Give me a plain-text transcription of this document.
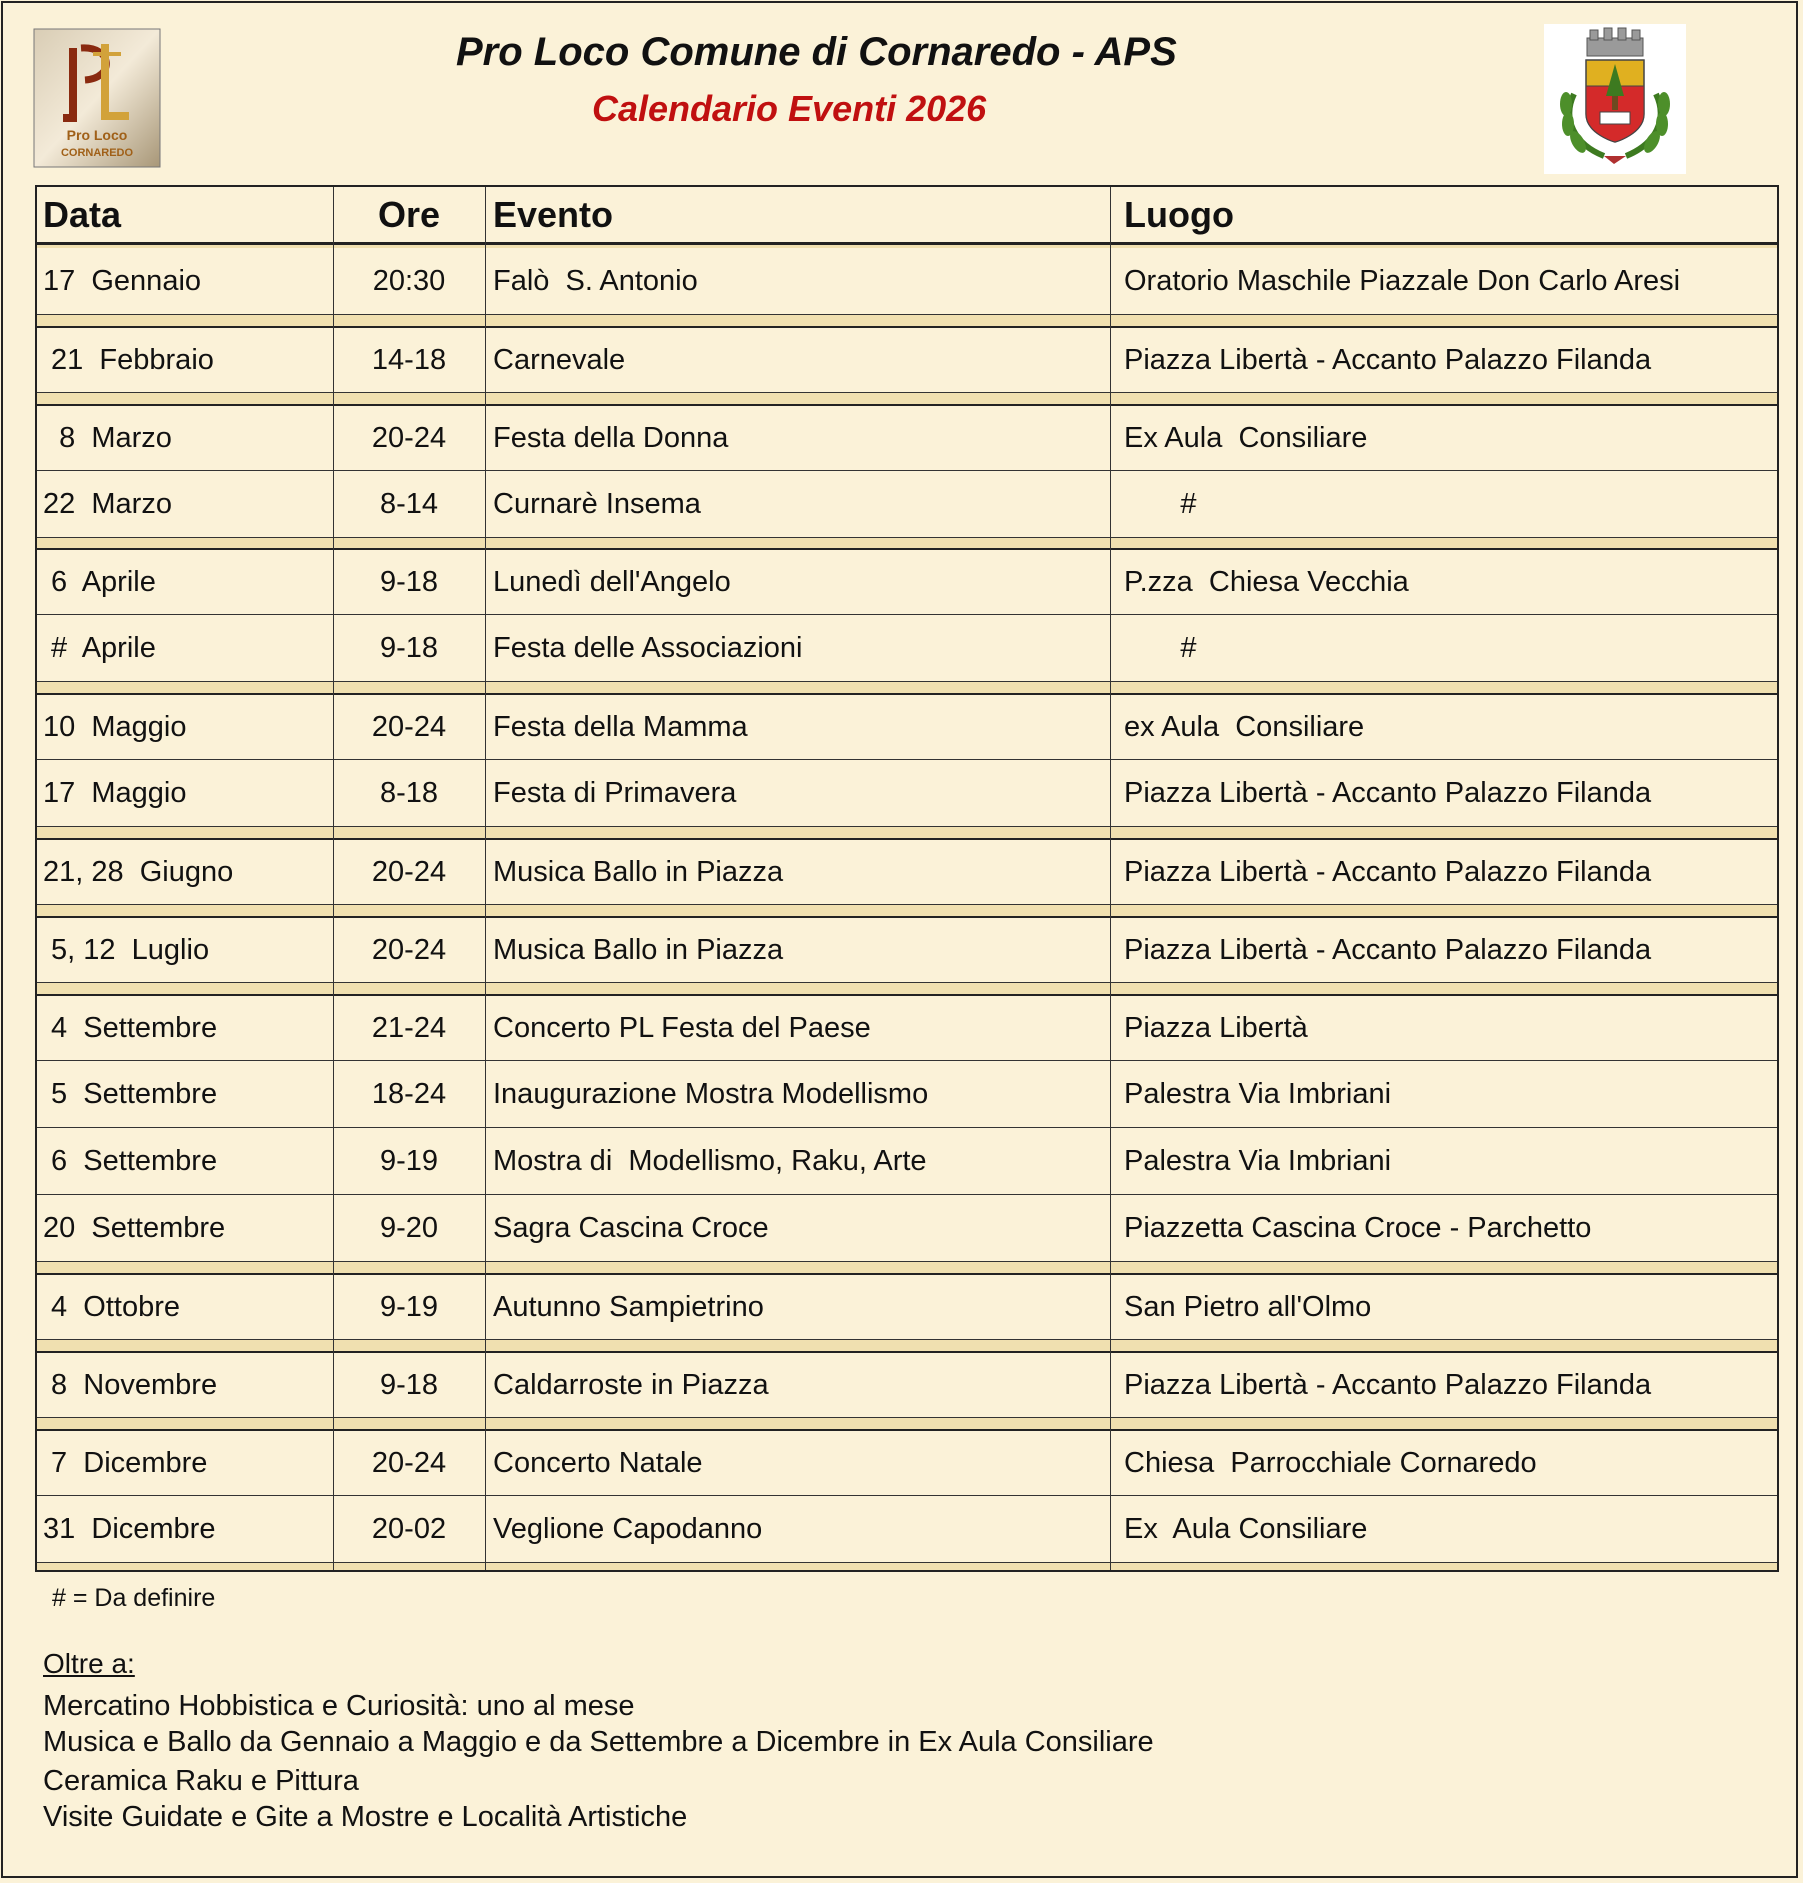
Pro Loco
CORNAREDO
Pro Loco Comune di Cornaredo - APS
Calendario Eventi 2026
Data	Ore	Evento	Luogo
17  Gennaio	20:30	Falò  S. Antonio	Oratorio Maschile Piazzale Don Carlo Aresi
21  Febbraio	14-18	Carnevale	Piazza Libertà - Accanto Palazzo Filanda
8  Marzo	20-24	Festa della Donna	Ex Aula  Consiliare
22  Marzo	8-14	Curnarè Insema	#
6  Aprile	9-18	Lunedì dell'Angelo	P.zza  Chiesa Vecchia
#  Aprile	9-18	Festa delle Associazioni	#
10  Maggio	20-24	Festa della Mamma	ex Aula  Consiliare
17  Maggio	8-18	Festa di Primavera	Piazza Libertà - Accanto Palazzo Filanda
21, 28  Giugno	20-24	Musica Ballo in Piazza	Piazza Libertà - Accanto Palazzo Filanda
5, 12  Luglio	20-24	Musica Ballo in Piazza	Piazza Libertà - Accanto Palazzo Filanda
4  Settembre	21-24	Concerto PL Festa del Paese	Piazza Libertà
5  Settembre	18-24	Inaugurazione Mostra Modellismo	Palestra Via Imbriani
6  Settembre	9-19	Mostra di  Modellismo, Raku, Arte	Palestra Via Imbriani
20  Settembre	9-20	Sagra Cascina Croce	Piazzetta Cascina Croce - Parchetto
4  Ottobre	9-19	Autunno Sampietrino	San Pietro all'Olmo
8  Novembre	9-18	Caldarroste in Piazza	Piazza Libertà - Accanto Palazzo Filanda
7  Dicembre	20-24	Concerto Natale	Chiesa  Parrocchiale Cornaredo
31  Dicembre	20-02	Veglione Capodanno	Ex  Aula Consiliare
# = Da definire
Oltre a:
Mercatino Hobbistica e Curiosità: uno al mese
Musica e Ballo da Gennaio a Maggio e da Settembre a Dicembre in Ex Aula Consiliare
Ceramica Raku e Pittura
Visite Guidate e Gite a Mostre e Località Artistiche
